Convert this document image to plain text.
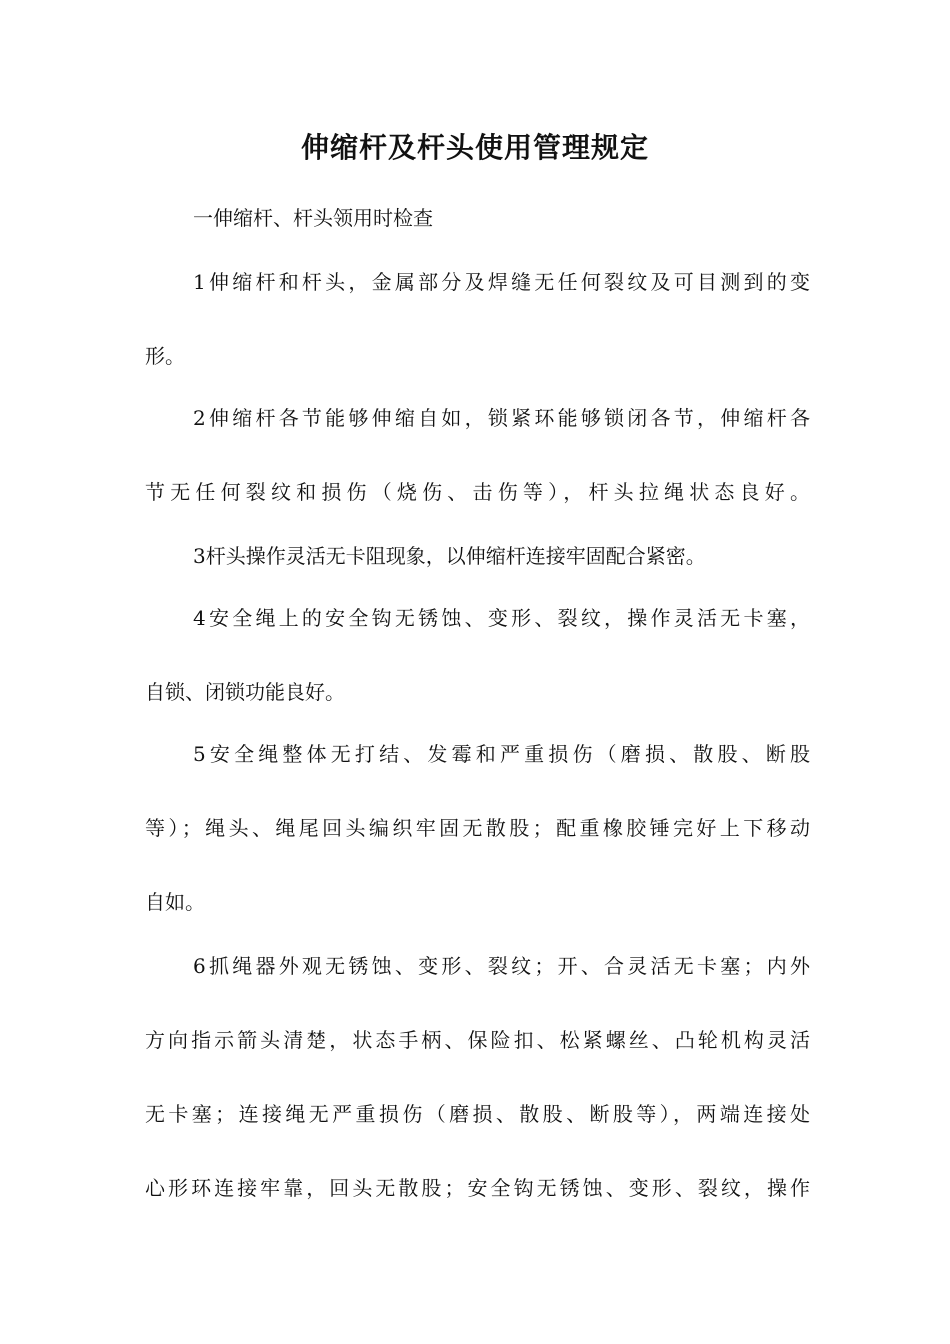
伸缩杆及杆头使用管理规定
一伸缩杆、杆头领用时检查
1伸缩杆和杆头，金属部分及焊缝无任何裂纹及可目测到的变
形。
2伸缩杆各节能够伸缩自如，锁紧环能够锁闭各节，伸缩杆各
节无任何裂纹和损伤（烧伤、击伤等），杆头拉绳状态良好。
3杆头操作灵活无卡阻现象，以伸缩杆连接牢固配合紧密。
4安全绳上的安全钩无锈蚀、变形、裂纹，操作灵活无卡塞，
自锁、闭锁功能良好。
5安全绳整体无打结、发霉和严重损伤（磨损、散股、断股
等）；绳头、绳尾回头编织牢固无散股；配重橡胶锤完好上下移动
自如。
6抓绳器外观无锈蚀、变形、裂纹；开、合灵活无卡塞；内外
方向指示箭头清楚，状态手柄、保险扣、松紧螺丝、凸轮机构灵活
无卡塞；连接绳无严重损伤（磨损、散股、断股等），两端连接处
心形环连接牢靠，回头无散股；安全钩无锈蚀、变形、裂纹，操作
